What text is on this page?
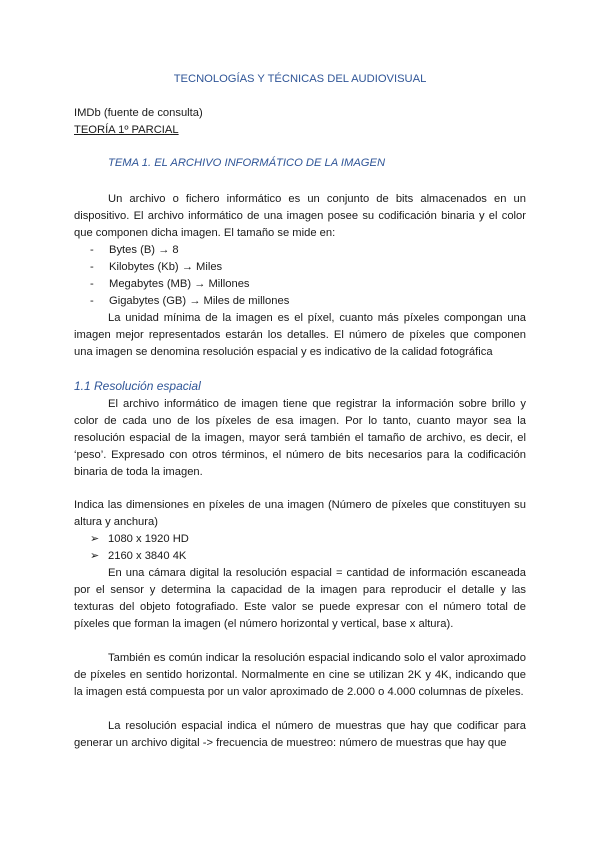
TECNOLOGÍAS Y TÉCNICAS DEL AUDIOVISUAL
IMDb (fuente de consulta)
TEORÍA 1º PARCIAL
TEMA 1. EL ARCHIVO INFORMÁTICO DE LA IMAGEN

Un archivo o fichero informático es un conjunto de bits almacenados en un dispositivo. El archivo informático de una imagen posee su codificación binaria y el color que componen dicha imagen. El tamaño se mide en:

-	Bytes (B) → 8
-	Kilobytes (Kb) → Miles
-	Megabytes (MB) → Millones
-	Gigabytes (GB) → Miles de millones

La unidad mínima de la imagen es el píxel, cuanto más píxeles compongan una imagen mejor representados estarán los detalles. El número de píxeles que componen una imagen se denomina resolución espacial y es indicativo de la calidad fotográfica

1.1 Resolución espacial

El archivo informático de imagen tiene que registrar la información sobre brillo y color de cada uno de los píxeles de esa imagen. Por lo tanto, cuanto mayor sea la resolución espacial de la imagen, mayor será también el tamaño de archivo, es decir, el ‘peso’. Expresado con otros términos, el número de bits necesarios para la codificación binaria de toda la imagen.

Indica las dimensiones en píxeles de una imagen (Número de píxeles que constituyen su altura y anchura)

➢ 1080 x 1920 HD
➢ 2160 x 3840 4K

En una cámara digital la resolución espacial = cantidad de información escaneada por el sensor y determina la capacidad de la imagen para reproducir el detalle y las texturas del objeto fotografiado. Este valor se puede expresar con el número total de píxeles que forman la imagen (el número horizontal y vertical, base x altura).

También es común indicar la resolución espacial indicando solo el valor aproximado de píxeles en sentido horizontal. Normalmente en cine se utilizan 2K y 4K, indicando que la imagen está compuesta por un valor aproximado de 2.000 o 4.000 columnas de píxeles.

La resolución espacial indica el número de muestras que hay que codificar para generar un archivo digital -> frecuencia de muestreo: número de muestras que hay que
